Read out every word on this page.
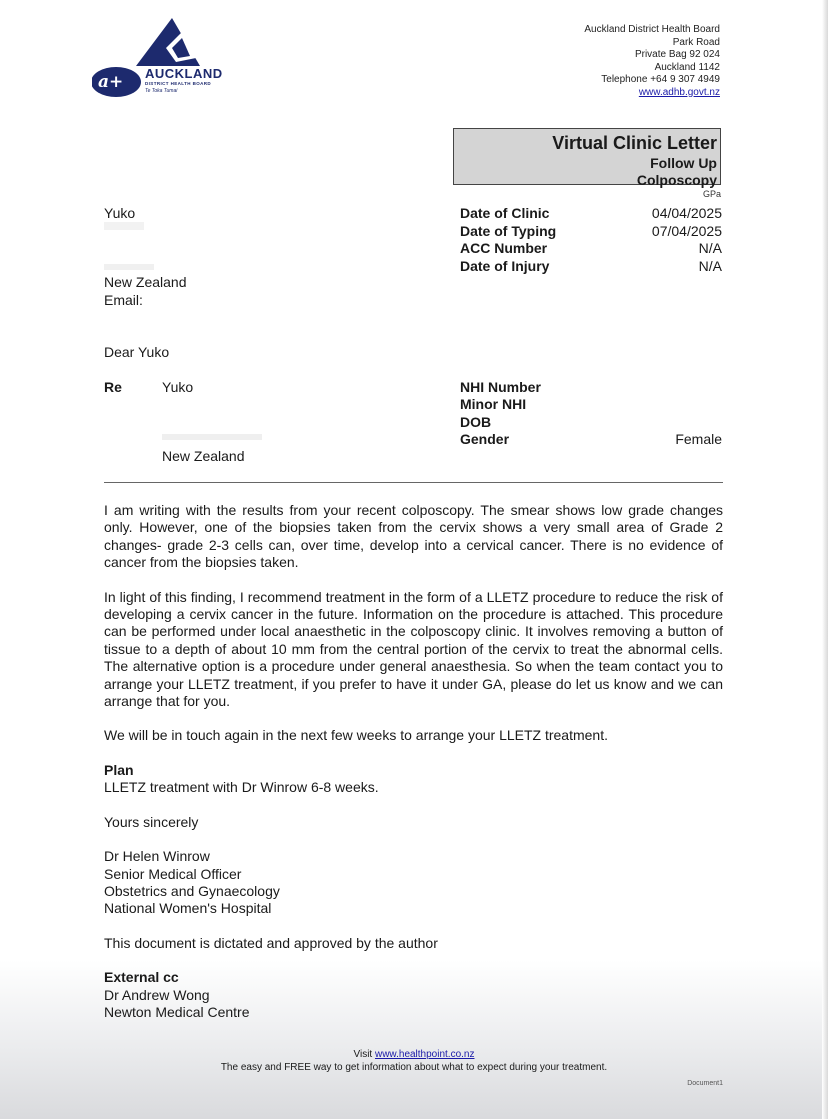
a+ AUCKLAND
DISTRICT HEALTH BOARD
Te Toka Tumai
Auckland District Health Board
Park Road
Private Bag 92 024
Auckland 1142
Telephone +64 9 307 4949
www.adhb.govt.nz
Virtual Clinic Letter
Follow Up
Colposcopy
GPa
Yuko
New Zealand
Email:
Date of Clinic	04/04/2025
Date of Typing	07/04/2025
ACC Number	N/A
Date of Injury	N/A
Dear Yuko
Re	Yuko
New Zealand
NHI Number
Minor NHI
DOB
Gender	Female

I am writing with the results from your recent colposcopy. The smear shows low grade changes only. However, one of the biopsies taken from the cervix shows a very small area of Grade 2 changes- grade 2-3 cells can, over time, develop into a cervical cancer. There is no evidence of cancer from the biopsies taken.

In light of this finding, I recommend treatment in the form of a LLETZ procedure to reduce the risk of developing a cervix cancer in the future. Information on the procedure is attached. This procedure can be performed under local anaesthetic in the colposcopy clinic. It involves removing a button of tissue to a depth of about 10 mm from the central portion of the cervix to treat the abnormal cells. The alternative option is a procedure under general anaesthesia. So when the team contact you to arrange your LLETZ treatment, if you prefer to have it under GA, please do let us know and we can arrange that for you.

We will be in touch again in the next few weeks to arrange your LLETZ treatment.

Plan

LLETZ treatment with Dr Winrow 6-8 weeks.

Yours sincerely

Dr Helen Winrow
Senior Medical Officer
Obstetrics and Gynaecology

National Women's Hospital

This document is dictated and approved by the author

External cc
Dr Andrew Wong
Newton Medical Centre
Visit www.healthpoint.co.nz
The easy and FREE way to get information about what to expect during your treatment.
Document1
